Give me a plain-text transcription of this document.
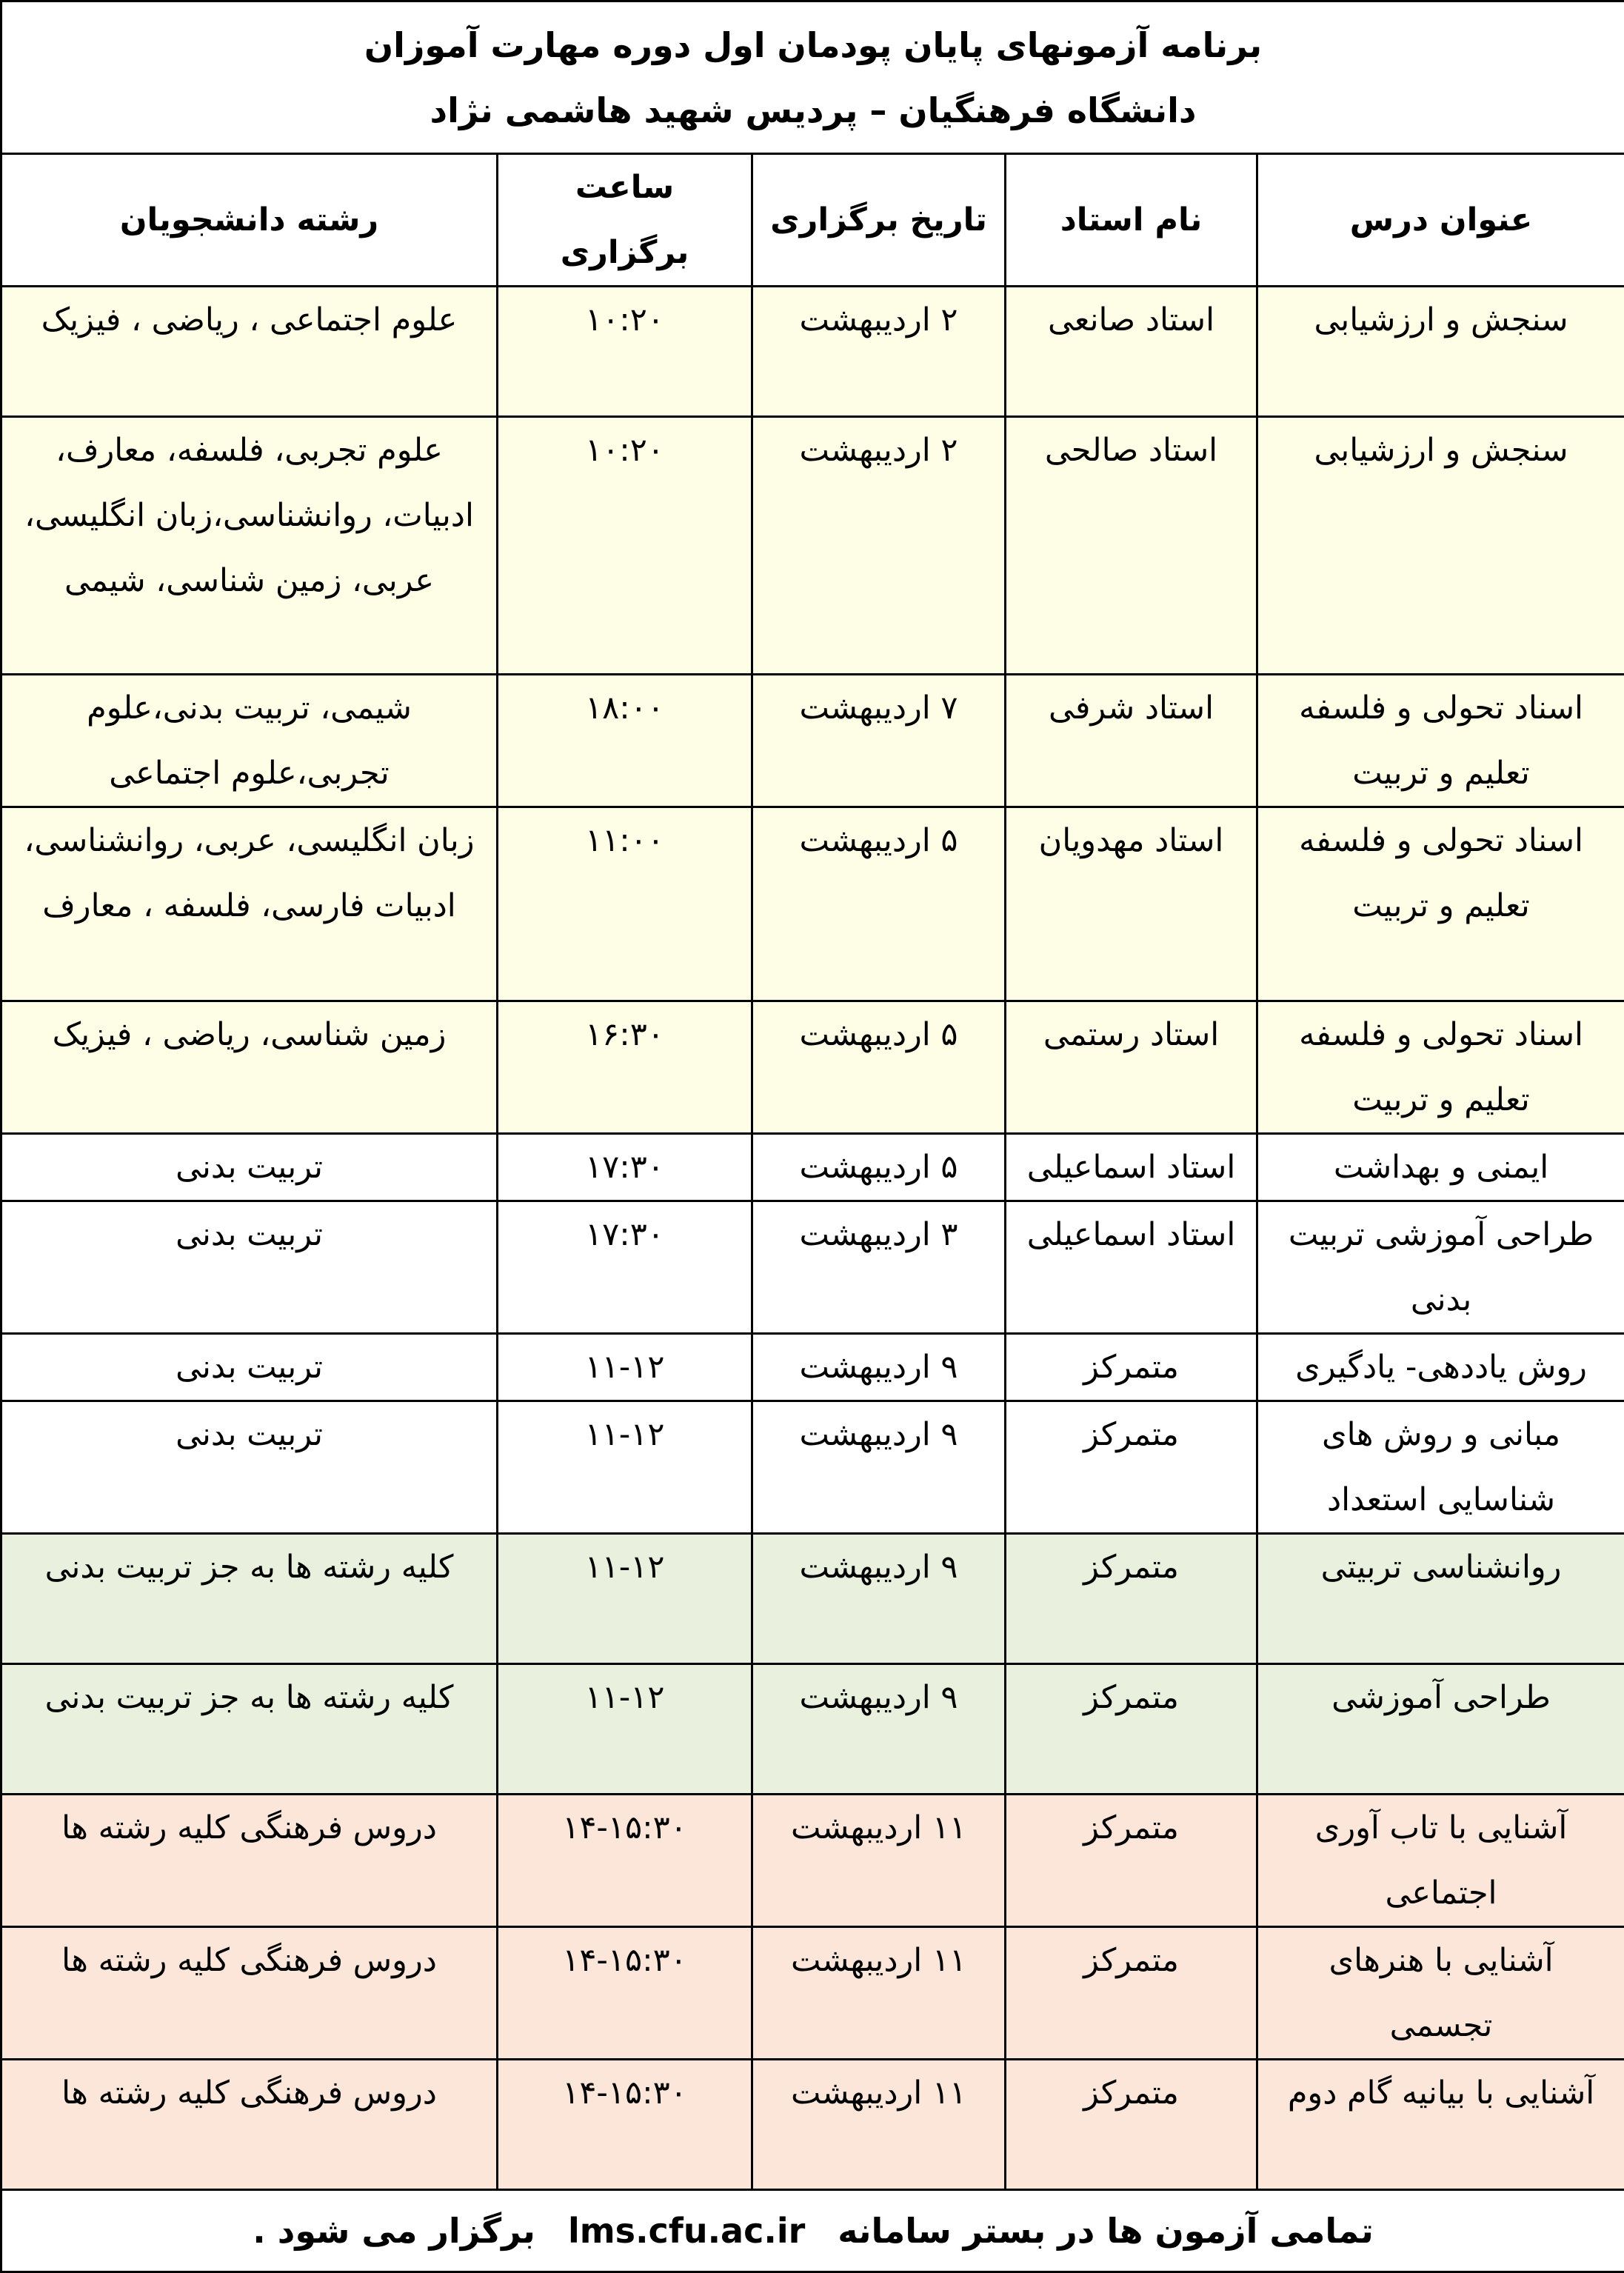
برنامه آزمونهای پایان پودمان اول دوره مهارت آموزان
دانشگاه فرهنگیان – پردیس شهید هاشمی نژاد				

عنوان درس	نام استاد	تاریخ برگزاری	ساعت برگزاری	رشته دانشجویان
سنجش و ارزشیابی	استاد صانعی	۲ اردیبهشت	۱۰:۲۰	علوم اجتماعی ، ریاضی ، فیزیک
سنجش و ارزشیابی	استاد صالحی	۲ اردیبهشت	۱۰:۲۰	علوم تجربی، فلسفه، معارف، ادبیات، روانشناسی،زبان انگلیسی، عربی، زمین شناسی، شیمی
اسناد تحولی و فلسفه تعلیم و تربیت	استاد شرفی	۷ اردیبهشت	۱۸:۰۰	شیمی، تربیت بدنی،علوم تجربی،علوم اجتماعی
اسناد تحولی و فلسفه تعلیم و تربیت	استاد مهدویان	۵ اردیبهشت	۱۱:۰۰	زبان انگلیسی، عربی، روانشناسی، ادبیات فارسی، فلسفه ، معارف
اسناد تحولی و فلسفه تعلیم و تربیت	استاد رستمی	۵ اردیبهشت	۱۶:۳۰	زمین شناسی، ریاضی ، فیزیک
ایمنی و بهداشت	استاد اسماعیلی	۵ اردیبهشت	۱۷:۳۰	تربیت بدنی
طراحی آموزشی تربیت بدنی	استاد اسماعیلی	۳ اردیبهشت	۱۷:۳۰	تربیت بدنی
روش یاددهی- یادگیری	متمرکز	۹ اردیبهشت	۱۱-۱۲	تربیت بدنی
مبانی و روش های شناسایی استعداد	متمرکز	۹ اردیبهشت	۱۱-۱۲	تربیت بدنی
روانشناسی تربیتی	متمرکز	۹ اردیبهشت	۱۱-۱۲	کلیه رشته ها به جز تربیت بدنی
طراحی آموزشی	متمرکز	۹ اردیبهشت	۱۱-۱۲	کلیه رشته ها به جز تربیت بدنی
آشنایی با تاب آوری اجتماعی	متمرکز	۱۱ اردیبهشت	۱۴-۱۵:۳۰	دروس فرهنگی کلیه رشته ها
آشنایی با هنرهای تجسمی	متمرکز	۱۱ اردیبهشت	۱۴-۱۵:۳۰	دروس فرهنگی کلیه رشته ها
آشنایی با بیانیه گام دوم	متمرکز	۱۱ اردیبهشت	۱۴-۱۵:۳۰	دروس فرهنگی کلیه رشته ها
تمامی آزمون ها در بستر سامانه lms.cfu.ac.ir برگزار می شود .				
